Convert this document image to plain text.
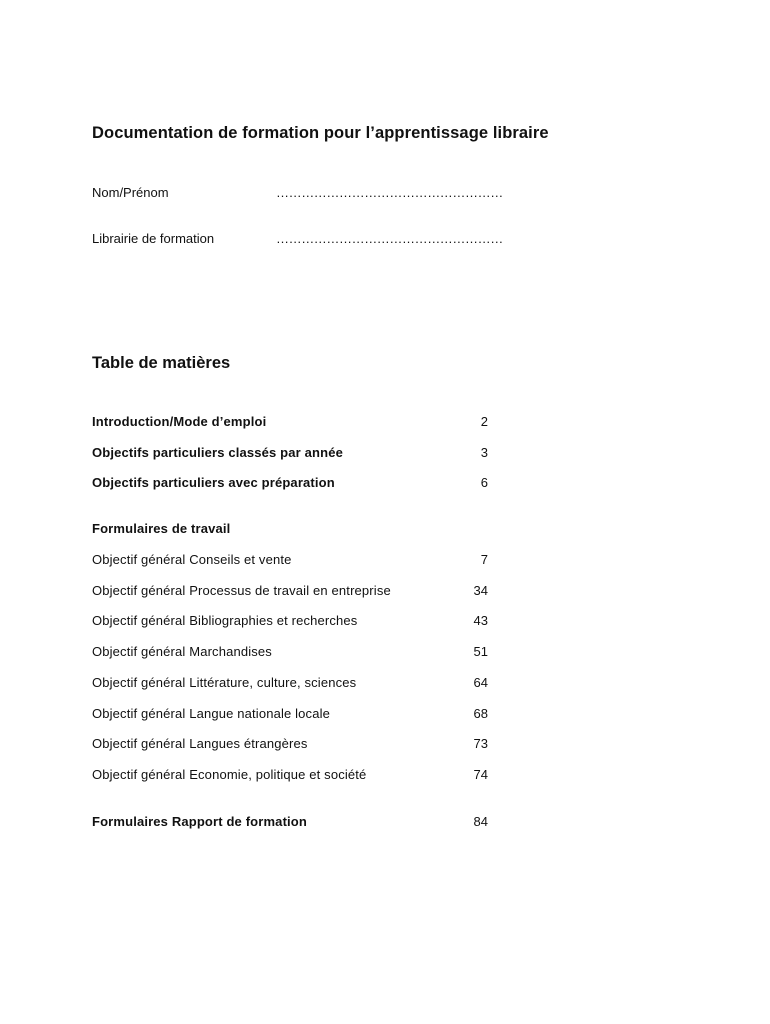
Documentation de formation pour l’apprentissage libraire
Nom/Prénom	………………………………………………
Librairie de formation	………………………………………………
Table de matières
Introduction/Mode d’emploi	2
Objectifs particuliers classés par année	3
Objectifs particuliers avec préparation	6
Formulaires de travail
Objectif général Conseils et vente	7
Objectif général Processus de travail en entreprise	34
Objectif général Bibliographies et recherches	43
Objectif général Marchandises	51
Objectif général Littérature, culture, sciences	64
Objectif général Langue nationale locale	68
Objectif général Langues étrangères	73
Objectif général Economie, politique et société	74
Formulaires Rapport de formation	84
